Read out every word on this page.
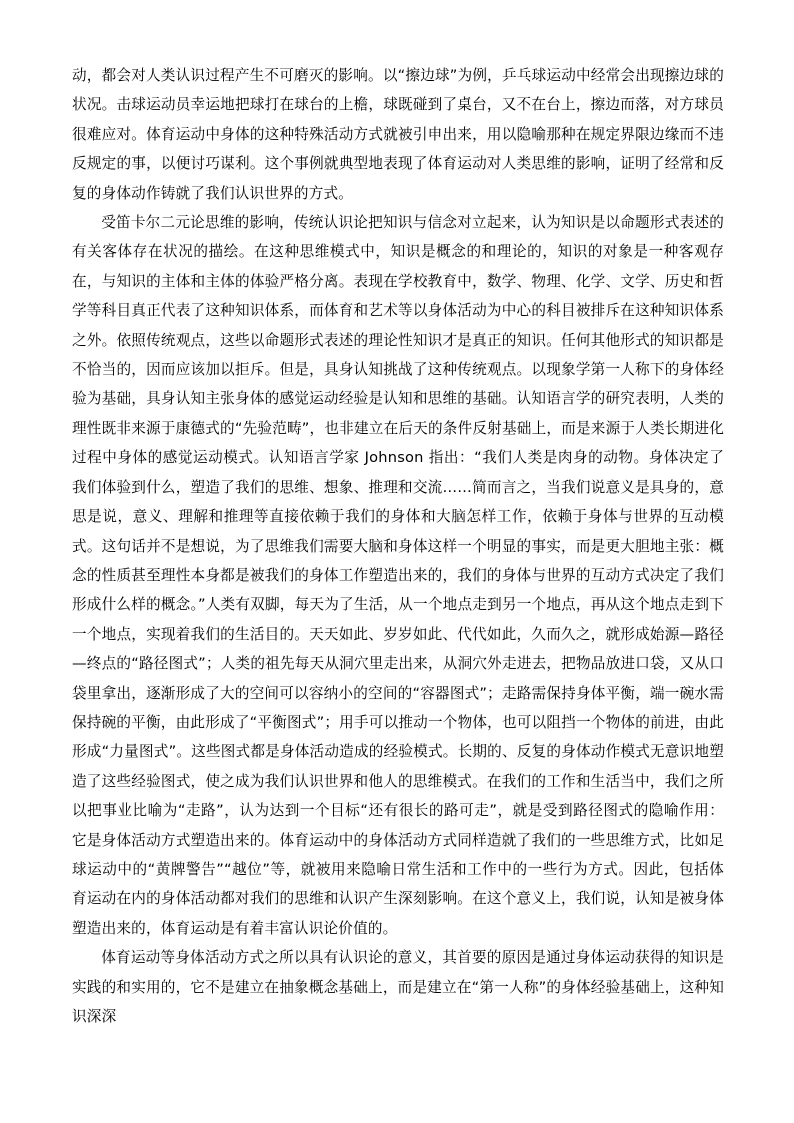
动，都会对人类认识过程产生不可磨灭的影响。以“擦边球”为例，乒乓球运动中经常会出现擦边球的状况。击球运动员幸运地把球打在球台的上檐，球既碰到了桌台，又不在台上，擦边而落，对方球员很难应对。体育运动中身体的这种特殊活动方式就被引申出来，用以隐喻那种在规定界限边缘而不违反规定的事，以便讨巧谋利。这个事例就典型地表现了体育运动对人类思维的影响，证明了经常和反复的身体动作铸就了我们认识世界的方式。

受笛卡尔二元论思维的影响，传统认识论把知识与信念对立起来，认为知识是以命题形式表述的有关客体存在状况的描绘。在这种思维模式中，知识是概念的和理论的，知识的对象是一种客观存在，与知识的主体和主体的体验严格分离。表现在学校教育中，数学、物理、化学、文学、历史和哲学等科目真正代表了这种知识体系，而体育和艺术等以身体活动为中心的科目被排斥在这种知识体系之外。依照传统观点，这些以命题形式表述的理论性知识才是真正的知识。任何其他形式的知识都是不恰当的，因而应该加以拒斥。但是，具身认知挑战了这种传统观点。以现象学第一人称下的身体经验为基础，具身认知主张身体的感觉运动经验是认知和思维的基础。认知语言学的研究表明，人类的理性既非来源于康德式的“先验范畴”，也非建立在后天的条件反射基础上，而是来源于人类长期进化过程中身体的感觉运动模式。认知语言学家 Johnson 指出：“我们人类是肉身的动物。身体决定了我们体验到什么，塑造了我们的思维、想象、推理和交流……简而言之，当我们说意义是具身的，意思是说，意义、理解和推理等直接依赖于我们的身体和大脑怎样工作，依赖于身体与世界的互动模式。这句话并不是想说，为了思维我们需要大脑和身体这样一个明显的事实，而是更大胆地主张：概念的性质甚至理性本身都是被我们的身体工作塑造出来的，我们的身体与世界的互动方式决定了我们形成什么样的概念。”人类有双脚，每天为了生活，从一个地点走到另一个地点，再从这个地点走到下一个地点，实现着我们的生活目的。天天如此、岁岁如此、代代如此，久而久之，就形成始源—路径—终点的“路径图式”；人类的祖先每天从洞穴里走出来，从洞穴外走进去，把物品放进口袋，又从口袋里拿出，逐渐形成了大的空间可以容纳小的空间的“容器图式”；走路需保持身体平衡，端一碗水需保持碗的平衡，由此形成了“平衡图式”；用手可以推动一个物体，也可以阻挡一个物体的前进，由此形成“力量图式”。这些图式都是身体活动造成的经验模式。长期的、反复的身体动作模式无意识地塑造了这些经验图式，使之成为我们认识世界和他人的思维模式。在我们的工作和生活当中，我们之所以把事业比喻为“走路”，认为达到一个目标“还有很长的路可走”，就是受到路径图式的隐喻作用：它是身体活动方式塑造出来的。体育运动中的身体活动方式同样造就了我们的一些思维方式，比如足球运动中的“黄牌警告”“越位”等，就被用来隐喻日常生活和工作中的一些行为方式。因此，包括体育运动在内的身体活动都对我们的思维和认识产生深刻影响。在这个意义上，我们说，认知是被身体塑造出来的，体育运动是有着丰富认识论价值的。

体育运动等身体活动方式之所以具有认识论的意义，其首要的原因是通过身体运动获得的知识是实践的和实用的，它不是建立在抽象概念基础上，而是建立在“第一人称”的身体经验基础上，这种知识深深
